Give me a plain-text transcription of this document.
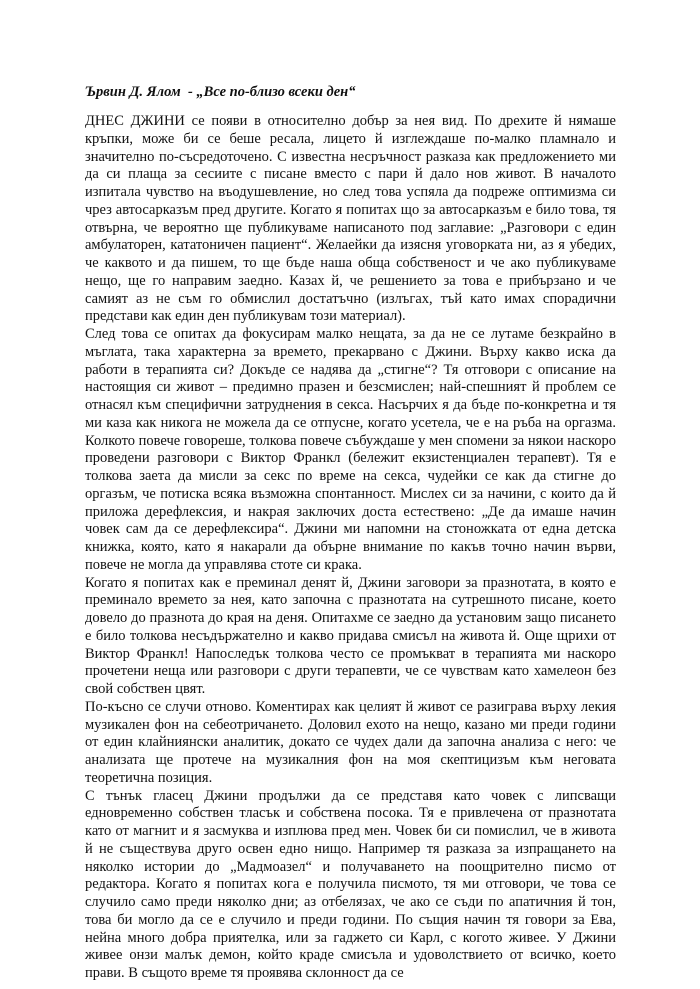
Ървин Д. Ялом  - „Все по-близо всеки ден“

ДНЕС ДЖИНИ се появи в относително добър за нея вид. По дрехите й нямаше кръпки, може би се беше ресала, лицето й изглеждаше по-малко пламнало и значително по-съсредоточено. С известна несръчност разказа как предложението ми да си плаща за сесиите с писане вместо с пари й дало нов живот. В началото изпитала чувство на въодушевление, но след това успяла да подреже оптимизма си чрез автосарказъм пред другите. Когато я попитах що за автосарказъм е било това, тя отвърна, че вероятно ще публикуваме написаното под заглавие: „Разговори с един амбулаторен, кататоничен пациент“. Желаейки да изясня уговорката ни, аз я убедих, че каквото и да пишем, то ще бъде наша обща собственост и че ако публикуваме нещо, ще го направим заедно. Казах й, че решението за това е прибързано и че самият аз не съм го обмислил достатъчно (излъгах, тъй като имах спорадични представи как един ден публикувам този материал).

След това се опитах да фокусирам малко нещата, за да не се лутаме безкрайно в мъглата, така характерна за времето, прекарвано с Джини. Върху какво иска да работи в терапията си? Докъде се надява да „стигне“? Тя отговори с описание на настоящия си живот – предимно празен и безсмислен; най-спешният й проблем се отнасял към специфични затруднения в секса. Насърчих я да бъде по-конкретна и тя ми каза как никога не можела да се отпусне, когато усетела, че е на ръба на оргазма. Колкото повече говореше, толкова повече събуждаше у мен спомени за някои наскоро проведени разговори с Виктор Франкл (бележит екзистенциален терапевт). Тя е толкова заета да мисли за секс по време на секса, чудейки се как да стигне до оргазъм, че потиска всяка възможна спонтанност. Мислех си за начини, с които да й приложа дерефлексия, и накрая заключих доста естествено: „Де да имаше начин човек сам да се дерефлексира“. Джини ми напомни на стоножката от една детска книжка, която, като я накарали да обърне внимание по какъв точно начин върви, повече не могла да управлява стоте си крака.

Когато я попитах как е преминал денят й, Джини заговори за празнотата, в която е преминало времето за нея, като започна с празнотата на сутрешното писане, което довело до празнота до края на деня. Опитахме се заедно да установим защо писането е било толкова несъдържателно и какво придава смисъл на живота й. Още щрихи от Виктор Франкл! Напоследък толкова често се промъкват в терапията ми наскоро прочетени неща или разговори с други терапевти, че се чувствам като хамелеон без свой собствен цвят.

По-късно се случи отново. Коментирах как целият й живот се разиграва върху лекия музикален фон на себеотричането. Доловил ехото на нещо, казано ми преди години от един клайниянски аналитик, докато се чудех дали да започна анализа с него: че анализата ще протече на музикалния фон на моя скептицизъм към неговата теоретична позиция.

С тънък гласец Джини продължи да се представя като човек с липсващи едновременно собствен тласък и собствена посока. Тя е привлечена от празнотата като от магнит и я засмуква и изплюва пред мен. Човек би си помислил, че в живота й не съществува друго освен едно нищо. Например тя разказа за изпращането на няколко истории до „Мадмоазел“ и получаването на поощрително писмо от редактора. Когато я попитах кога е получила писмото, тя ми отговори, че това се случило само преди няколко дни; аз отбелязах, че ако се съди по апатичния й тон, това би могло да се е случило и преди години. По същия начин тя говори за Ева, нейна много добра приятелка, или за гаджето си Карл, с когото живее. У Джини живее онзи малък демон, който краде смисъла и удоволствието от всичко, което прави. В същото време тя проявява склонност да се
